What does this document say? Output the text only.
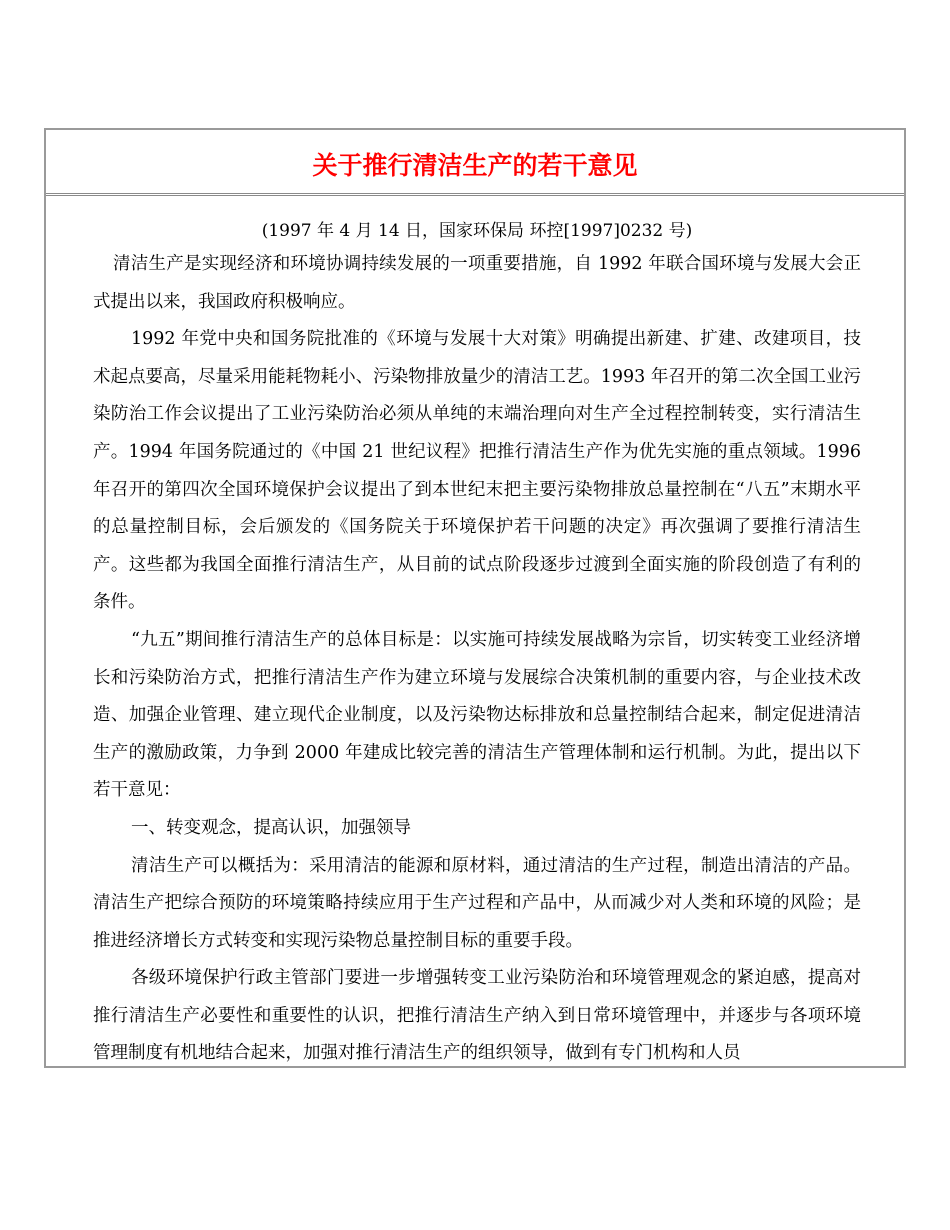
关于推行清洁生产的若干意见

(1997 年 4 月 14 日，国家环保局 环控[1997]0232 号)

清洁生产是实现经济和环境协调持续发展的一项重要措施，自 1992 年联合国环境与发展大会正式提出以来，我国政府积极响应。

1992 年党中央和国务院批准的《环境与发展十大对策》明确提出新建、扩建、改建项目，技术起点要高，尽量采用能耗物耗小、污染物排放量少的清洁工艺。1993 年召开的第二次全国工业污染防治工作会议提出了工业污染防治必须从单纯的末端治理向对生产全过程控制转变，实行清洁生产。1994 年国务院通过的《中国 21 世纪议程》把推行清洁生产作为优先实施的重点领域。1996 年召开的第四次全国环境保护会议提出了到本世纪末把主要污染物排放总量控制在“八五”末期水平的总量控制目标，会后颁发的《国务院关于环境保护若干问题的决定》再次强调了要推行清洁生产。这些都为我国全面推行清洁生产，从目前的试点阶段逐步过渡到全面实施的阶段创造了有利的条件。

“九五”期间推行清洁生产的总体目标是：以实施可持续发展战略为宗旨，切实转变工业经济增长和污染防治方式，把推行清洁生产作为建立环境与发展综合决策机制的重要内容，与企业技术改造、加强企业管理、建立现代企业制度，以及污染物达标排放和总量控制结合起来，制定促进清洁生产的激励政策，力争到 2000 年建成比较完善的清洁生产管理体制和运行机制。为此，提出以下若干意见：

一、转变观念，提高认识，加强领导

清洁生产可以概括为：采用清洁的能源和原材料，通过清洁的生产过程，制造出清洁的产品。清洁生产把综合预防的环境策略持续应用于生产过程和产品中，从而减少对人类和环境的风险；是推进经济增长方式转变和实现污染物总量控制目标的重要手段。

各级环境保护行政主管部门要进一步增强转变工业污染防治和环境管理观念的紧迫感，提高对推行清洁生产必要性和重要性的认识，把推行清洁生产纳入到日常环境管理中，并逐步与各项环境管理制度有机地结合起来，加强对推行清洁生产的组织领导，做到有专门机构和人员
